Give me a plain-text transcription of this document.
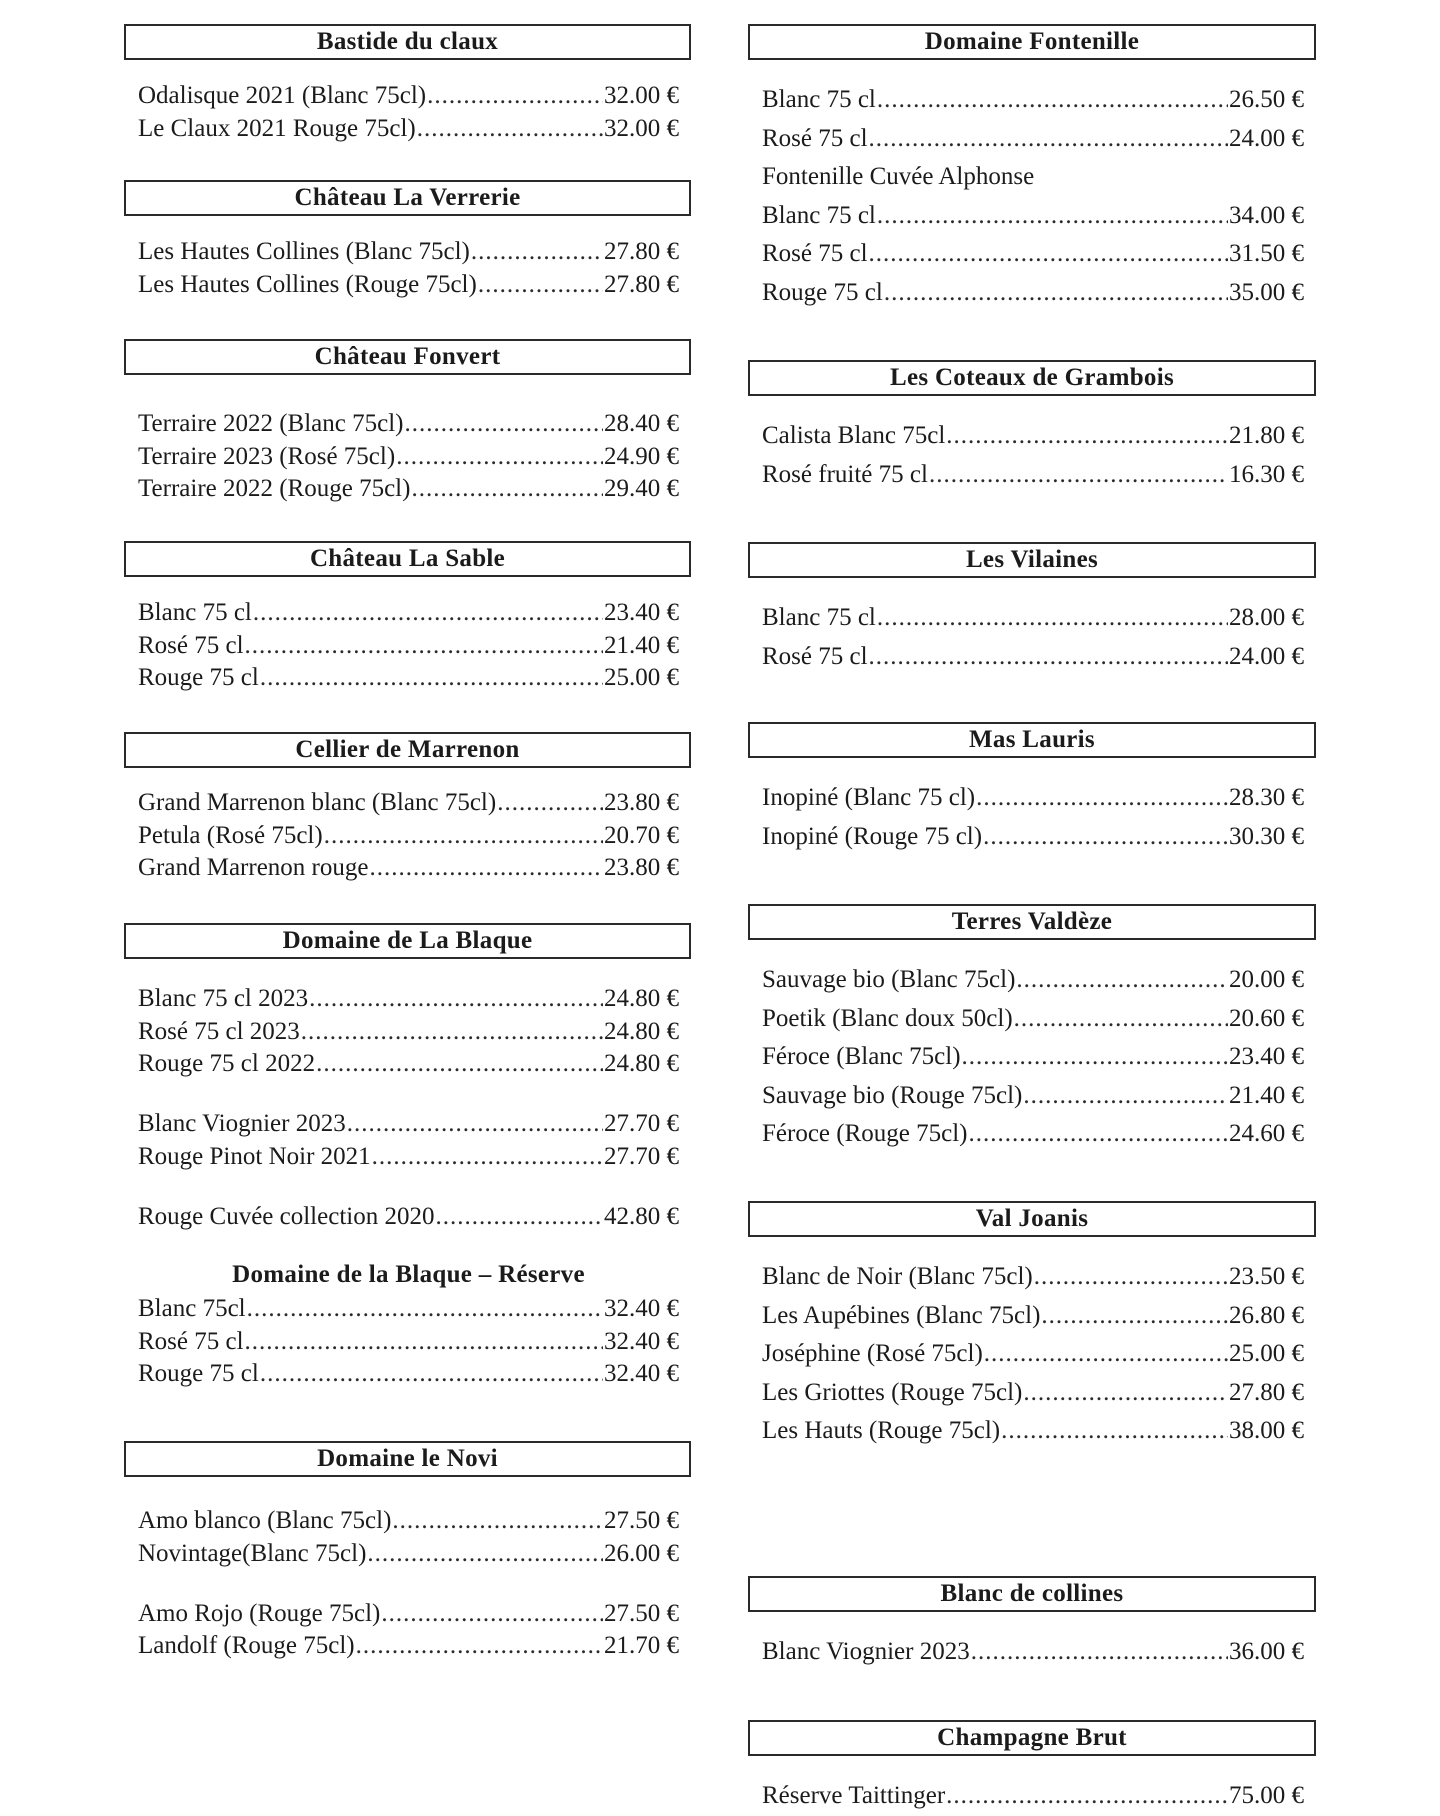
Bastide du claux
Odalisque 2021 (Blanc 75cl) .....	32.00 €
Le Claux 2021 Rouge 75cl) .....	32.00 €
Château La Verrerie
Les Hautes Collines (Blanc 75cl) .....	27.80 €
Les Hautes Collines (Rouge 75cl) .....	27.80 €
Château Fonvert
Terraire 2022 (Blanc 75cl) .....	28.40 €
Terraire 2023 (Rosé 75cl) .....	24.90 €
Terraire 2022 (Rouge 75cl) .....	29.40 €
Château La Sable
Blanc 75 cl .....	23.40 €
Rosé 75 cl .....	21.40 €
Rouge 75 cl .....	25.00 €
Cellier de Marrenon
Grand Marrenon blanc (Blanc 75cl) .....	23.80 €
Petula (Rosé 75cl) .....	20.70 €
Grand Marrenon rouge .....	23.80 €
Domaine de La Blaque
Blanc 75 cl 2023 .....	24.80 €
Rosé 75 cl 2023 .....	24.80 €
Rouge 75 cl 2022 .....	24.80 €
Blanc Viognier 2023 .....	27.70 €
Rouge Pinot Noir 2021 .....	27.70 €
Rouge Cuvée collection 2020 .....	42.80 €
Domaine de la Blaque – Réserve
Blanc 75cl .....	32.40 €
Rosé 75 cl .....	32.40 €
Rouge 75 cl .....	32.40 €
Domaine le Novi
Amo blanco (Blanc 75cl) .....	27.50 €
Novintage(Blanc 75cl) .....	26.00 €
Amo Rojo (Rouge 75cl) .....	27.50 €
Landolf (Rouge 75cl) .....	21.70 €
Domaine Fontenille
Blanc 75 cl .....	26.50 €
Rosé 75 cl .....	24.00 €
Fontenille Cuvée Alphonse
Blanc 75 cl .....	34.00 €
Rosé 75 cl .....	31.50 €
Rouge 75 cl .....	35.00 €
Les Coteaux de Grambois
Calista Blanc 75cl .....	21.80 €
Rosé fruité 75 cl .....	16.30 €
Les Vilaines
Blanc 75 cl .....	28.00 €
Rosé 75 cl .....	24.00 €
Mas Lauris
Inopiné (Blanc 75 cl) .....	28.30 €
Inopiné (Rouge 75 cl) .....	30.30 €
Terres Valdèze
Sauvage bio (Blanc 75cl) .....	20.00 €
Poetik (Blanc doux 50cl) .....	20.60 €
Féroce (Blanc 75cl) .....	23.40 €
Sauvage bio (Rouge 75cl) .....	21.40 €
Féroce (Rouge 75cl) .....	24.60 €
Val Joanis
Blanc de Noir (Blanc 75cl) .....	23.50 €
Les Aupébines (Blanc 75cl) .....	26.80 €
Joséphine (Rosé 75cl) .....	25.00 €
Les Griottes (Rouge 75cl) .....	27.80 €
Les Hauts (Rouge 75cl) .....	38.00 €
Blanc de collines
Blanc Viognier 2023 .....	36.00 €
Champagne Brut
Réserve Taittinger .....	75.00 €
